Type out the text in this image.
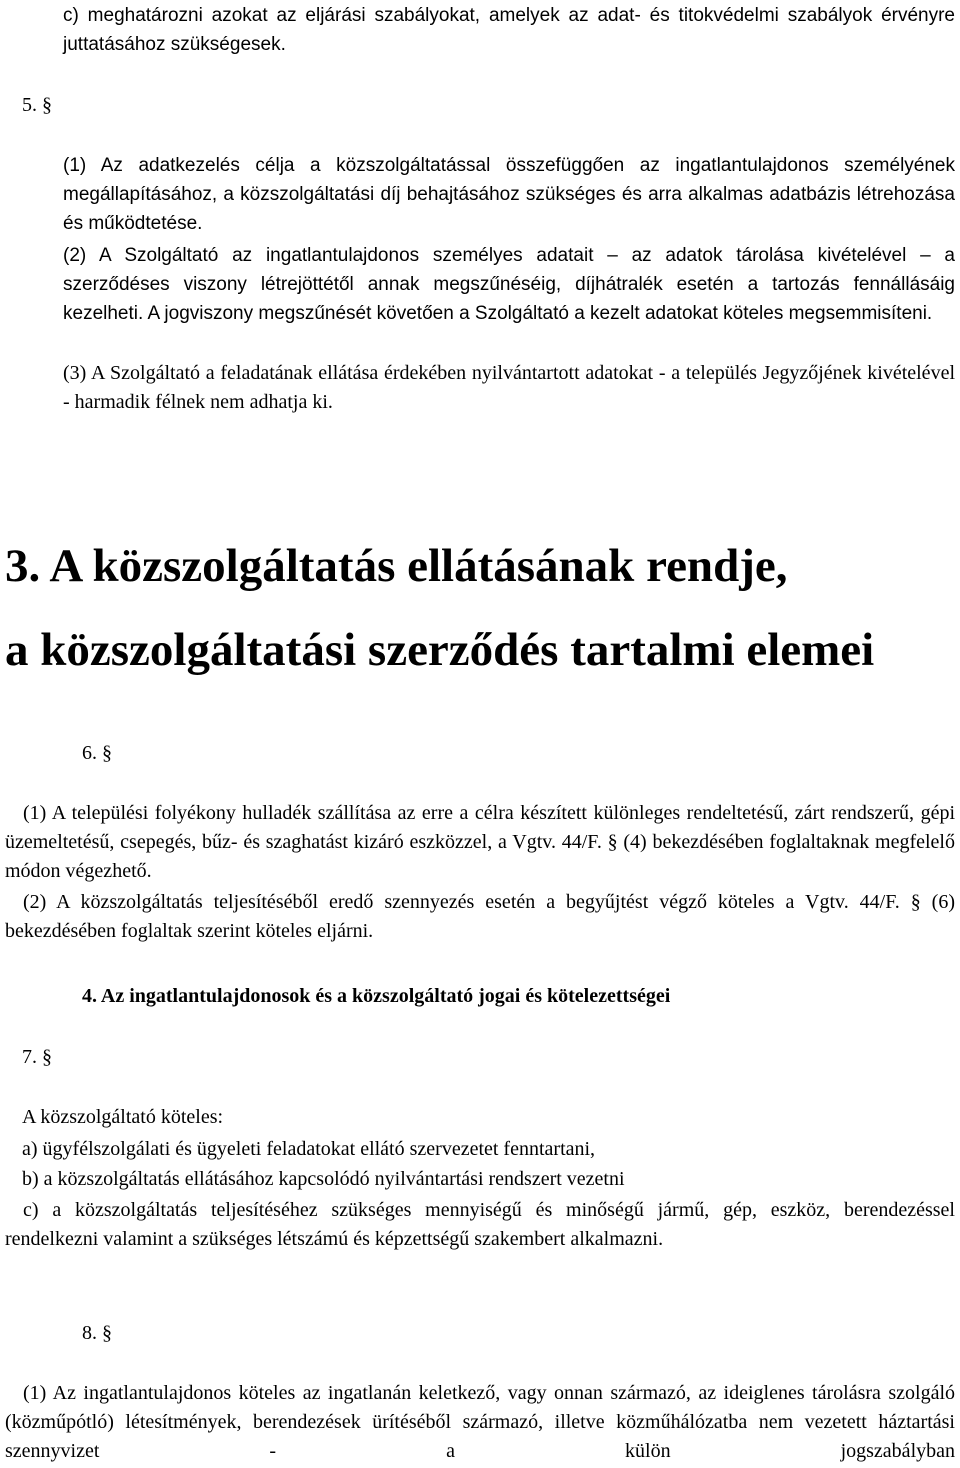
c) meghatározni azokat az eljárási szabályokat, amelyek az adat- és titokvédelmi szabályok érvényre juttatásához szükségesek.
5. §
(1) Az adatkezelés célja a közszolgáltatással összefüggően az ingatlantulajdonos személyének megállapításához, a közszolgáltatási díj behajtásához szükséges és arra alkalmas adatbázis létrehozása és működtetése.
(2) A Szolgáltató az ingatlantulajdonos személyes adatait – az adatok tárolása kivételével – a szerződéses viszony létrejöttétől annak megszűnéséig, díjhátralék esetén a tartozás fennállásáig kezelheti. A jogviszony megszűnését követően a Szolgáltató a kezelt adatokat köteles megsemmisíteni.
(3) A Szolgáltató a feladatának ellátása érdekében nyilvántartott adatokat - a település Jegyzőjének kivételével - harmadik félnek nem adhatja ki.
3. A közszolgáltatás ellátásának rendje,
a közszolgáltatási szerződés tartalmi elemei
6. §
(1) A települési folyékony hulladék szállítása az erre a célra készített különleges rendeltetésű, zárt rendszerű, gépi üzemeltetésű, csepegés, bűz- és szaghatást kizáró eszközzel, a Vgtv. 44/F. § (4) bekezdésében foglaltaknak megfelelő módon végezhető.
(2) A közszolgáltatás teljesítéséből eredő szennyezés esetén a begyűjtést végző köteles a Vgtv. 44/F. § (6) bekezdésében foglaltak szerint köteles eljárni.
4. Az ingatlantulajdonosok és a közszolgáltató jogai és kötelezettségei
7. §
A közszolgáltató köteles:
a) ügyfélszolgálati és ügyeleti feladatokat ellátó szervezetet fenntartani,
b) a közszolgáltatás ellátásához kapcsolódó nyilvántartási rendszert vezetni
c) a közszolgáltatás teljesítéséhez szükséges mennyiségű és minőségű jármű, gép, eszköz, berendezéssel rendelkezni valamint a szükséges létszámú és képzettségű szakembert alkalmazni.
8. §
(1) Az ingatlantulajdonos köteles az ingatlanán keletkező, vagy onnan származó, az ideiglenes tárolásra szolgáló (közműpótló) létesítmények, berendezések ürítéséből származó, illetve közműhálózatba nem vezetett háztartási szennyvizet - a külön jogszabályban
